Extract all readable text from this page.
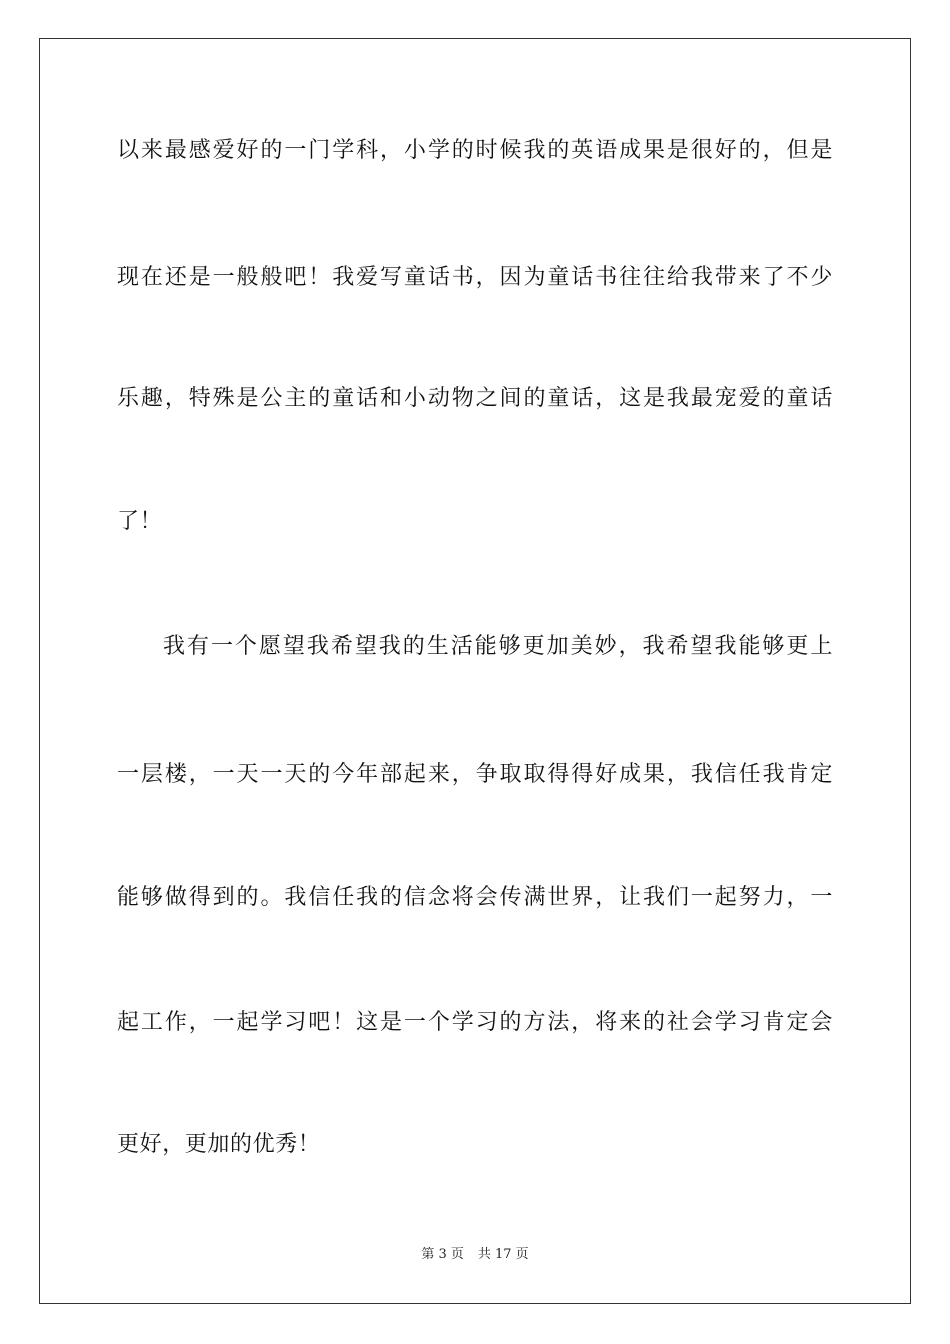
以来最感爱好的一门学科，小学的时候我的英语成果是很好的，但是
现在还是一般般吧！我爱写童话书，因为童话书往往给我带来了不少
乐趣，特殊是公主的童话和小动物之间的童话，这是我最宠爱的童话
了！
我有一个愿望我希望我的生活能够更加美妙，我希望我能够更上
一层楼，一天一天的今年部起来，争取取得得好成果，我信任我肯定
能够做得到的。我信任我的信念将会传满世界，让我们一起努力，一
起工作，一起学习吧！这是一个学习的方法，将来的社会学习肯定会
更好，更加的优秀！
第 3 页 共 17 页
